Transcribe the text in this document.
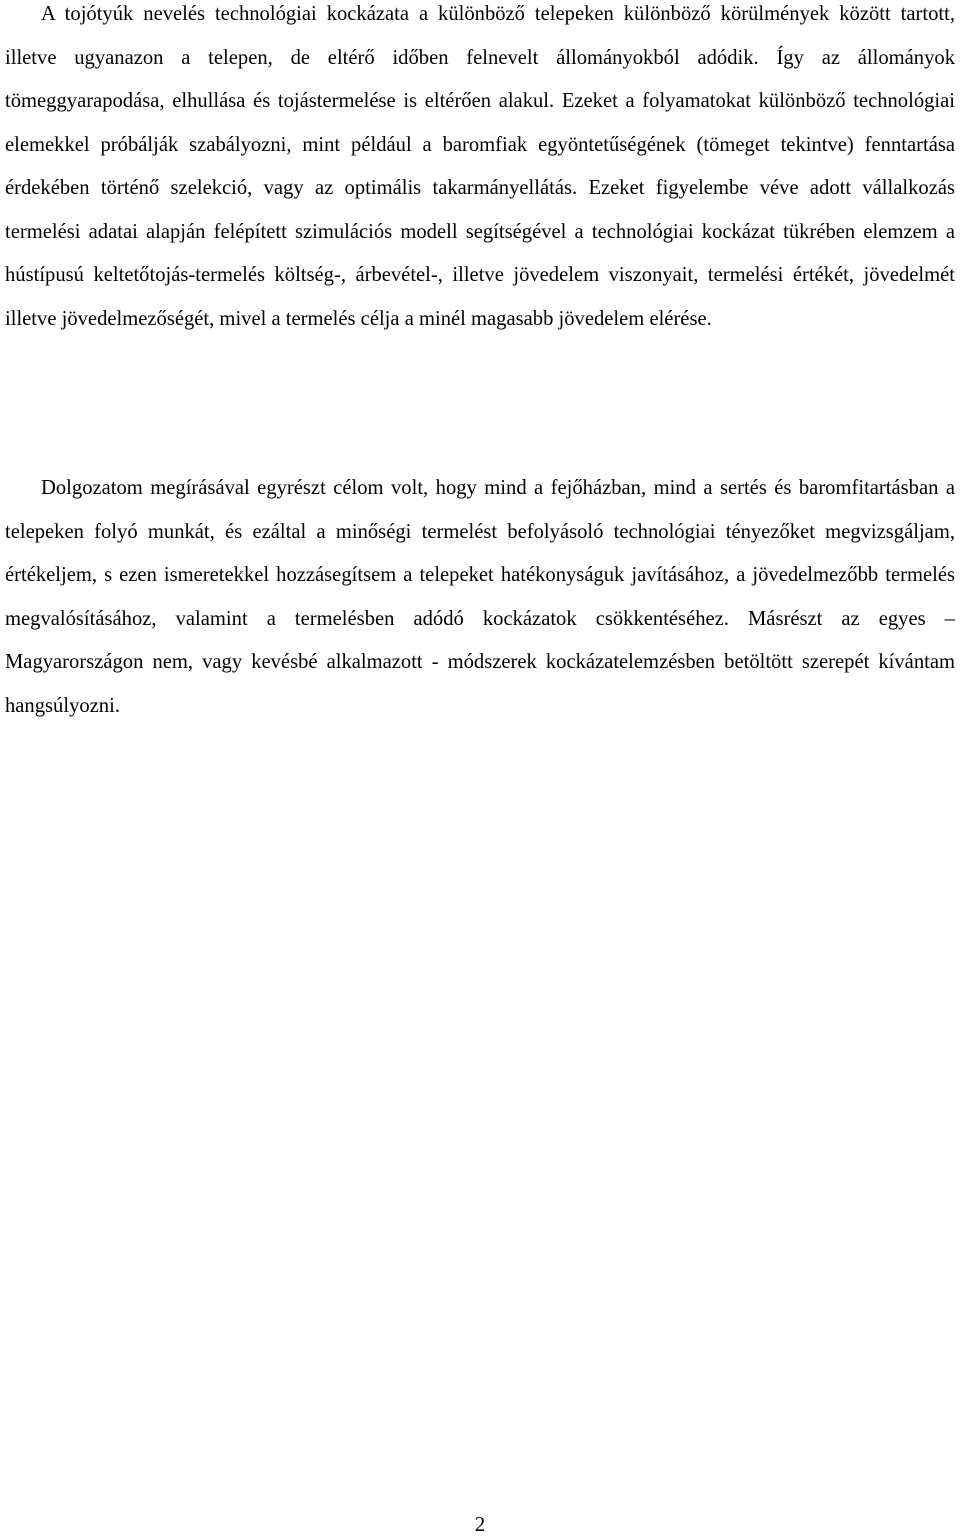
A tojótyúk nevelés technológiai kockázata a különböző telepeken különböző körülmények között tartott, illetve ugyanazon a telepen, de eltérő időben felnevelt állományokból adódik. Így az állományok tömeggyarapodása, elhullása és tojástermelése is eltérően alakul. Ezeket a folyamatokat különböző technológiai elemekkel próbálják szabályozni, mint például a baromfiak egyöntetűségének (tömeget tekintve) fenntartása érdekében történő szelekció, vagy az optimális takarmányellátás. Ezeket figyelembe véve adott vállalkozás termelési adatai alapján felépített szimulációs modell segítségével a technológiai kockázat tükrében elemzem a hústípusú keltetőtojás-termelés költség-, árbevétel-, illetve jövedelem viszonyait, termelési értékét, jövedelmét illetve jövedelmezőségét, mivel a termelés célja a minél magasabb jövedelem elérése.

Dolgozatom megírásával egyrészt célom volt, hogy mind a fejőházban, mind a sertés és baromfitartásban a telepeken folyó munkát, és ezáltal a minőségi termelést befolyásoló technológiai tényezőket megvizsgáljam, értékeljem, s ezen ismeretekkel hozzásegítsem a telepeket hatékonyságuk javításához, a jövedelmezőbb termelés megvalósításához, valamint a termelésben adódó kockázatok csökkentéséhez. Másrészt az egyes – Magyarországon nem, vagy kevésbé alkalmazott - módszerek kockázatelemzésben betöltött szerepét kívántam hangsúlyozni.

2
